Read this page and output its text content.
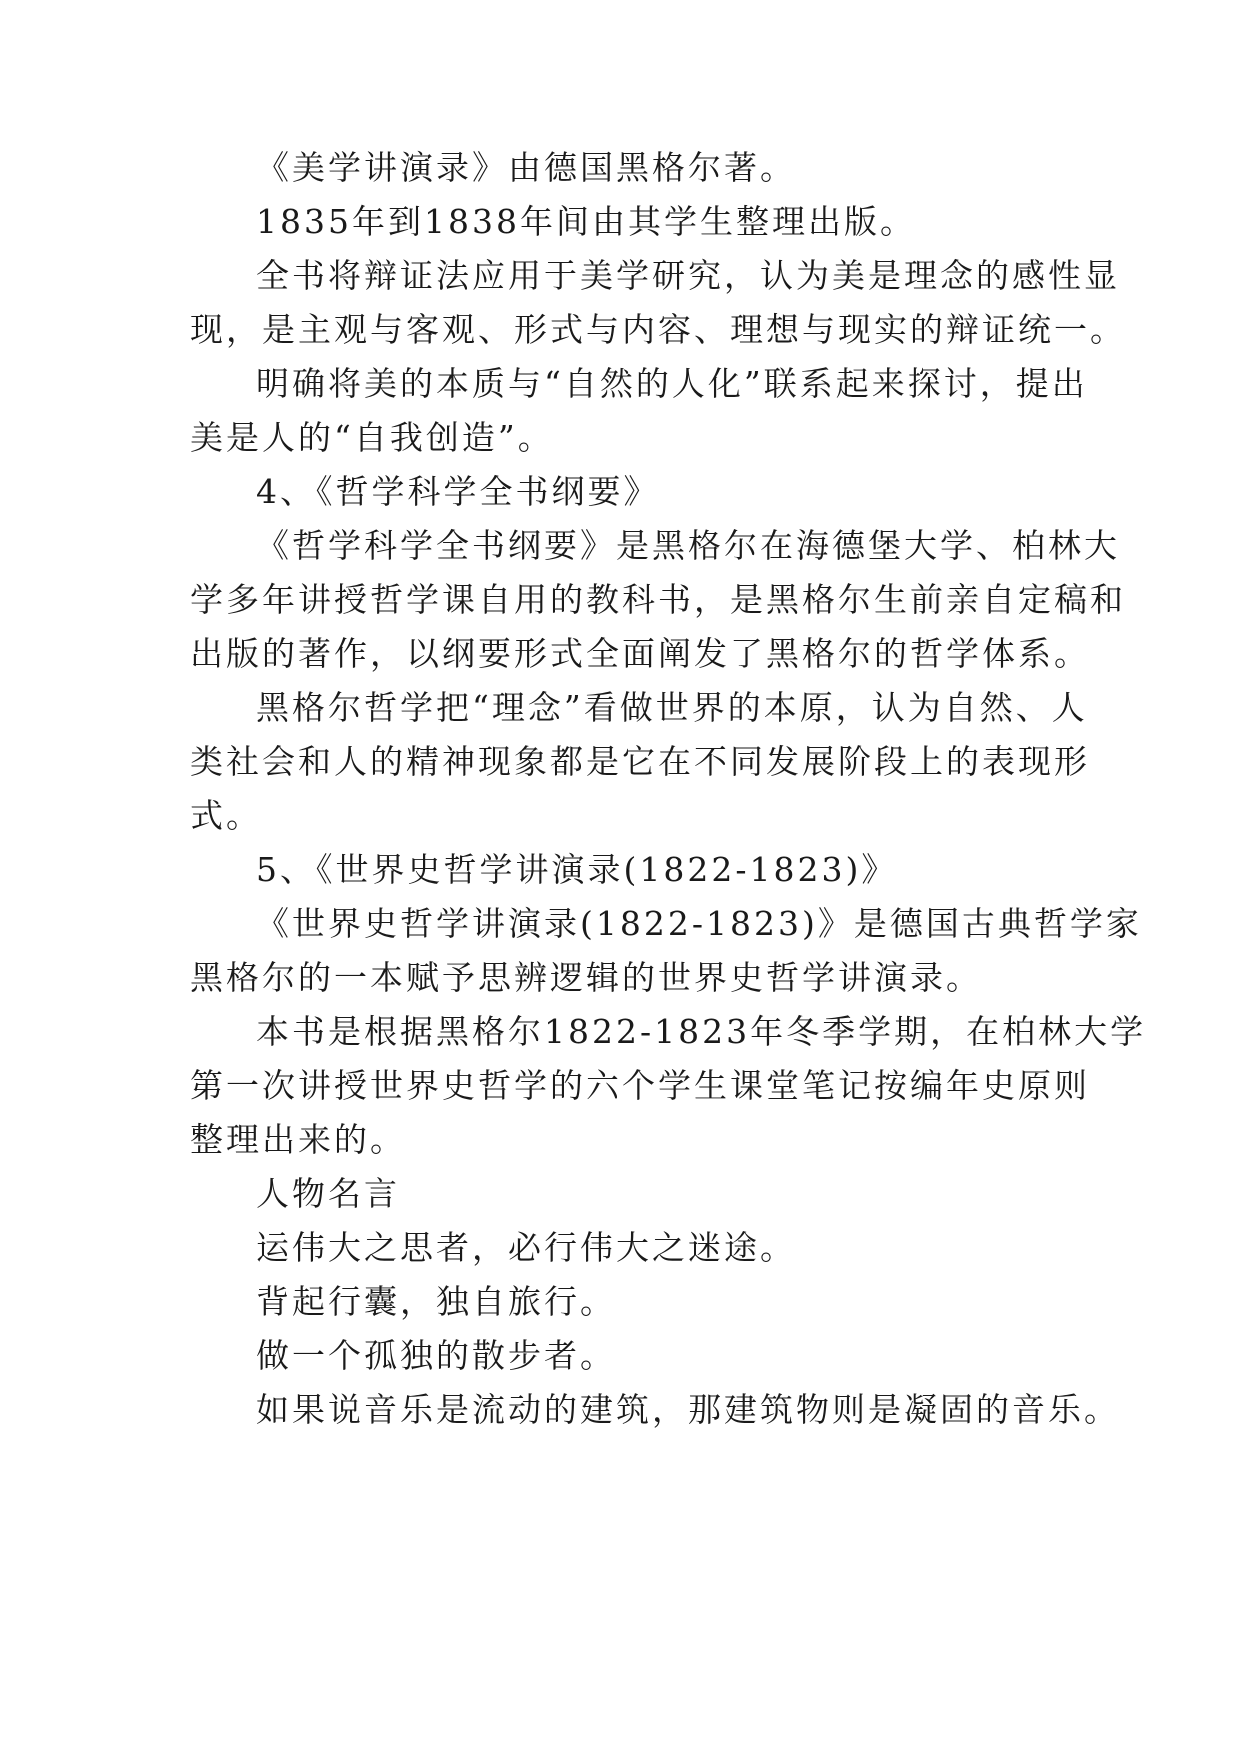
《美学讲演录》由德国黑格尔著。
1835年到1838年间由其学生整理出版。
全书将辩证法应用于美学研究，认为美是理念的感性显
现，是主观与客观、形式与内容、理想与现实的辩证统一。
明确将美的本质与“自然的人化”联系起来探讨，提出
美是人的“自我创造”。
4、《哲学科学全书纲要》
《哲学科学全书纲要》是黑格尔在海德堡大学、柏林大
学多年讲授哲学课自用的教科书，是黑格尔生前亲自定稿和
出版的著作，以纲要形式全面阐发了黑格尔的哲学体系。
黑格尔哲学把“理念”看做世界的本原，认为自然、人
类社会和人的精神现象都是它在不同发展阶段上的表现形
式。
5、《世界史哲学讲演录(1822-1823)》
《世界史哲学讲演录(1822-1823)》是德国古典哲学家
黑格尔的一本赋予思辨逻辑的世界史哲学讲演录。
本书是根据黑格尔1822-1823年冬季学期，在柏林大学
第一次讲授世界史哲学的六个学生课堂笔记按编年史原则
整理出来的。
人物名言
运伟大之思者，必行伟大之迷途。
背起行囊，独自旅行。
做一个孤独的散步者。
如果说音乐是流动的建筑，那建筑物则是凝固的音乐。
